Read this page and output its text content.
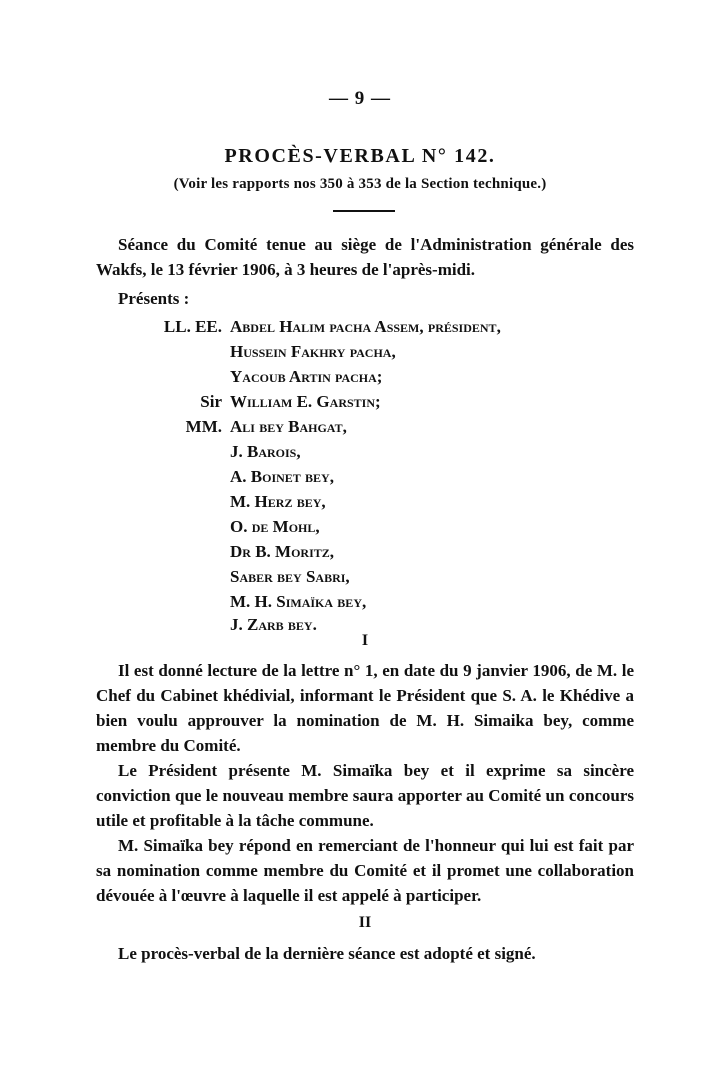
— 9 —
PROCÈS-VERBAL N° 142.
(Voir les rapports nos 350 à 353 de la Section technique.)
Séance du Comité tenue au siège de l'Administration générale des Wakfs, le 13 février 1906, à 3 heures de l'après-midi.
Présents :
LL. EE. Abdel Halim pacha Assem, président,
Hussein Fakhry pacha,
Yacoub Artin pacha;
Sir William E. Garstin;
MM. Ali bey Bahgat,
J. Barois,
A. Boinet bey,
M. Herz bey,
O. de Mohl,
Dr B. Moritz,
Saber bey Sabri,
M. H. Simaïka bey,
J. Zarb bey.
I
Il est donné lecture de la lettre n° 1, en date du 9 janvier 1906, de M. le Chef du Cabinet khédivial, informant le Président que S. A. le Khédive a bien voulu approuver la nomination de M. H. Simaika bey, comme membre du Comité.
Le Président présente M. Simaïka bey et il exprime sa sincère conviction que le nouveau membre saura apporter au Comité un concours utile et profitable à la tâche commune.
M. Simaïka bey répond en remerciant de l'honneur qui lui est fait par sa nomination comme membre du Comité et il promet une collaboration dévouée à l'œuvre à laquelle il est appelé à participer.
II
Le procès-verbal de la dernière séance est adopté et signé.
